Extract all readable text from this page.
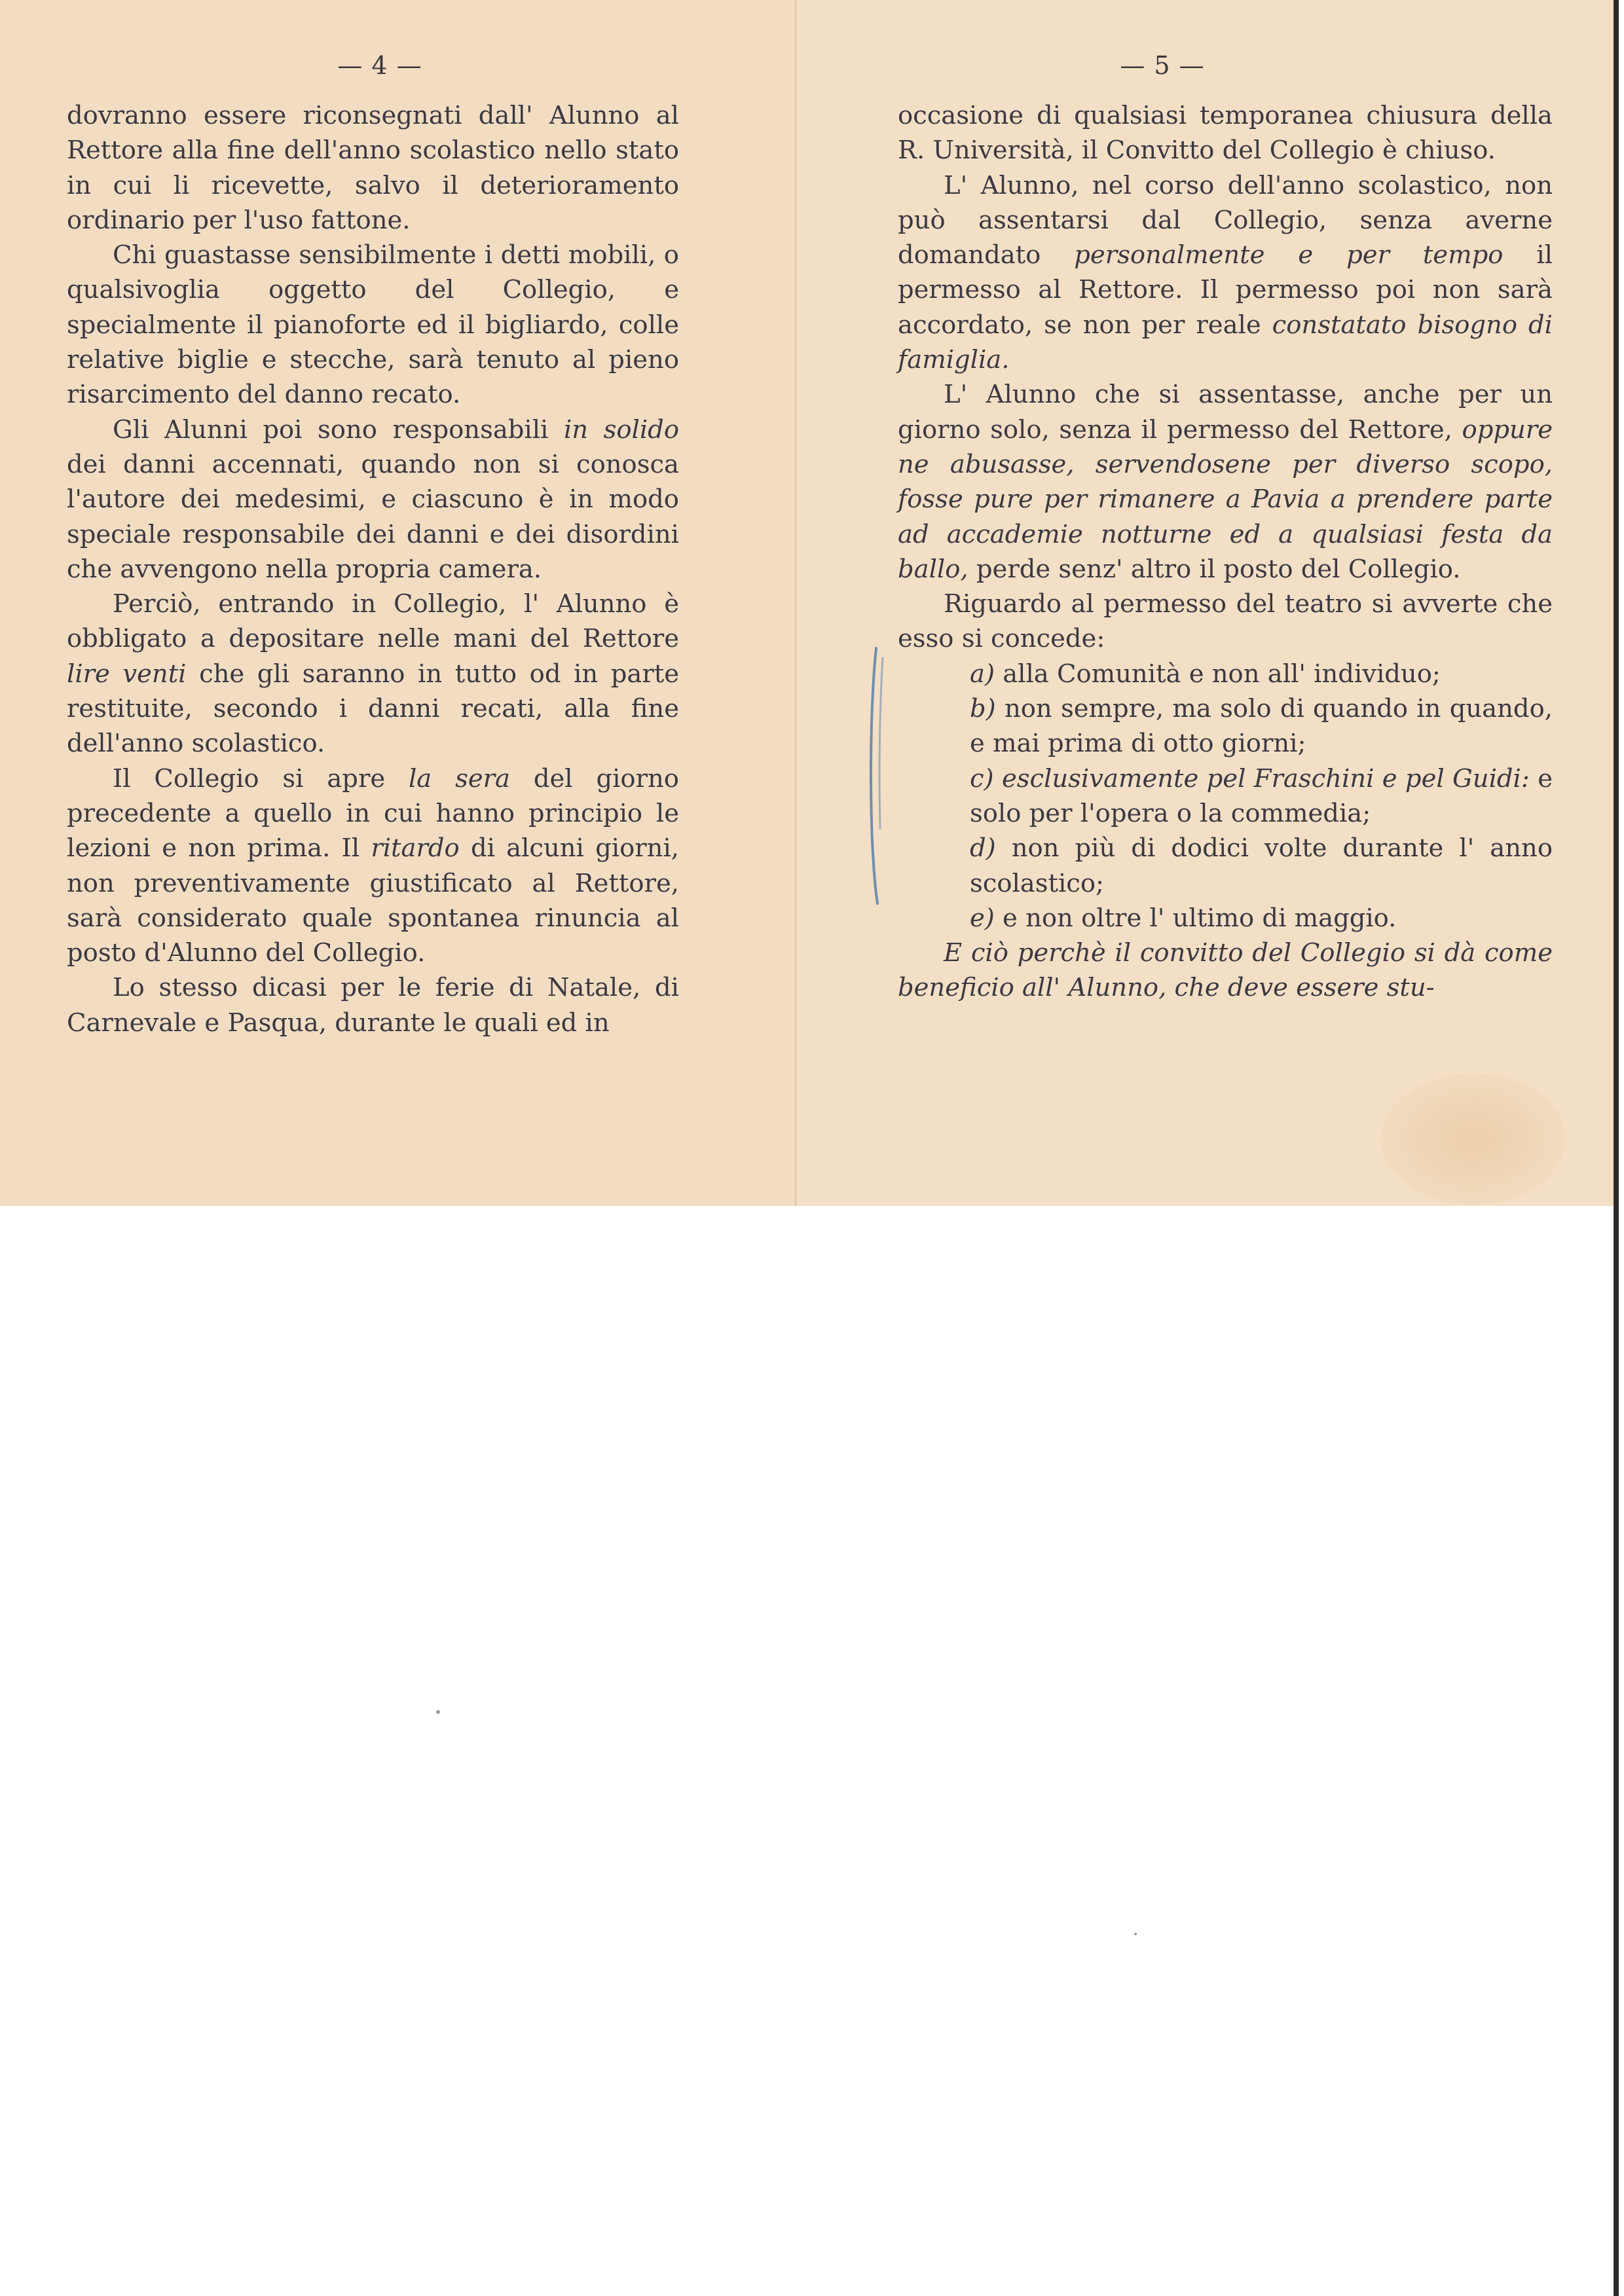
— 4 —

dovranno essere riconsegnati dall' Alunno al Rettore alla fine dell'anno scolastico nello stato in cui li ricevette, salvo il deterioramento ordinario per l'uso fattone.

Chi guastasse sensibilmente i detti mobili, o qualsivoglia oggetto del Collegio, e specialmente il pianoforte ed il bigliardo, colle relative biglie e stecche, sarà tenuto al pieno risarcimento del danno recato.

Gli Alunni poi sono responsabili in solido dei danni accennati, quando non si conosca l'autore dei medesimi, e ciascuno è in modo speciale responsabile dei danni e dei disordini che avvengono nella propria camera.

Perciò, entrando in Collegio, l' Alunno è obbligato a depositare nelle mani del Rettore lire venti che gli saranno in tutto od in parte restituite, secondo i danni recati, alla fine dell'anno scolastico.

Il Collegio si apre la sera del giorno precedente a quello in cui hanno principio le lezioni e non prima. Il ritardo di alcuni giorni, non preventivamente giustificato al Rettore, sarà considerato quale spontanea rinuncia al posto d'Alunno del Collegio.

Lo stesso dicasi per le ferie di Natale, di Carnevale e Pasqua, durante le quali ed in

— 5 —

occasione di qualsiasi temporanea chiusura della R. Università, il Convitto del Collegio è chiuso.

L' Alunno, nel corso dell'anno scolastico, non può assentarsi dal Collegio, senza averne domandato personalmente e per tempo il permesso al Rettore. Il permesso poi non sarà accordato, se non per reale constatato bisogno di famiglia.

L' Alunno che si assentasse, anche per un giorno solo, senza il permesso del Rettore, oppure ne abusasse, servendosene per diverso scopo, fosse pure per rimanere a Pavia a prendere parte ad accademie notturne ed a qualsiasi festa da ballo, perde senz' altro il posto del Collegio.

Riguardo al permesso del teatro si avverte che esso si concede:

a) alla Comunità e non all' individuo;

b) non sempre, ma solo di quando in quando, e mai prima di otto giorni;

c) esclusivamente pel Fraschini e pel Guidi: e solo per l'opera o la commedia;

d) non più di dodici volte durante l' anno scolastico;

e) e non oltre l' ultimo di maggio.

E ciò perchè il convitto del Collegio si dà come beneficio all' Alunno, che deve essere stu-
